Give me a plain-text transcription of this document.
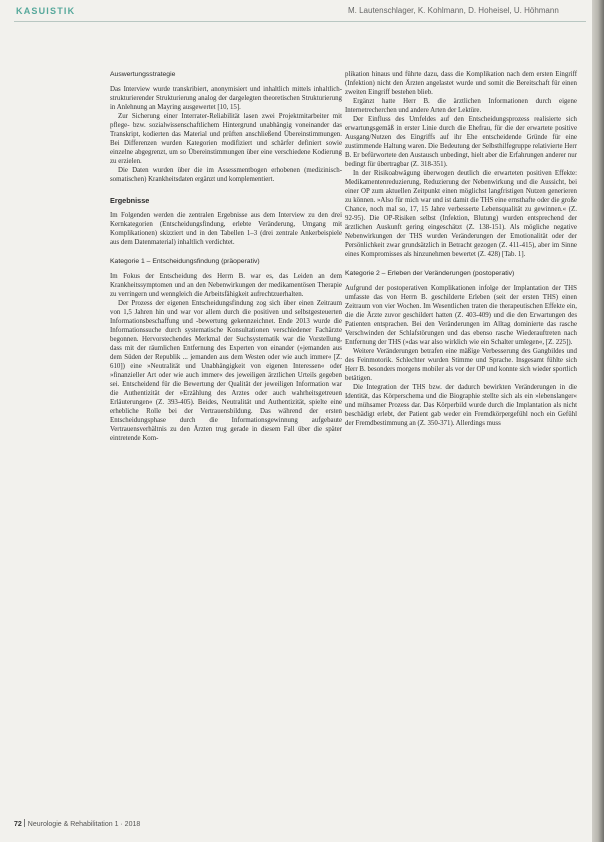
KASUISTIK	M. Lautenschlager, K. Kohlmann, D. Hoheisel, U. Höhmann
Auswertungsstrategie

Das Interview wurde transkribiert, anonymisiert und inhaltlich mittels inhaltlich-strukturierender Strukturierung analog der dargelegten theoretischen Strukturierung in Anlehnung an Mayring ausgewertet [10, 15].

Zur Sicherung einer Interrater-Reliabilität lasen zwei Projektmitarbeiter mit pflege- bzw. sozialwissenschaftlichem Hintergrund unabhängig voneinander das Transkript, kodierten das Material und prüften anschließend Übereinstimmungen. Bei Differenzen wurden Kategorien modifiziert und schärfer definiert sowie einzelne abgegrenzt, um so Übereinstimmungen über eine verschiedene Kodierung zu erzielen.

Die Daten wurden über die im Assessmentbogen erhobenen (medizinisch-somatischen) Krankheitsdaten ergänzt und komplementiert.

Ergebnisse

Im Folgenden werden die zentralen Ergebnisse aus dem Interview zu den drei Kernkategorien (Entscheidungsfindung, erlebte Veränderung, Umgang mit Komplikationen) skizziert und in den Tabellen 1–3 (drei zentrale Ankerbeispiele aus dem Datenmaterial) inhaltlich verdichtet.

Kategorie 1 – Entscheidungsfindung (präoperativ)

Im Fokus der Entscheidung des Herrn B. war es, das Leiden an dem Krankheitssymptomen und an den Nebenwirkungen der medikamentösen Therapie zu verringern und wenngleich die Arbeitsfähigkeit aufrechtzuerhalten.

Der Prozess der eigenen Entscheidungsfindung zog sich über einen Zeitraum von 1,5 Jahren hin und war vor allem durch die positiven und selbstgesteuerten Informationsbeschaffung und -bewertung gekennzeichnet. Ende 2013 wurde die Informationssuche durch systematische Konsultationen verschiedener Fachärzte begonnen. Hervorstechendes Merkmal der Suchsystematik war die Vorstellung, dass mit der räumlichen Entfernung des Experten von einander (»jemanden aus dem Süden der Republik ... jemanden aus dem Westen oder wie auch immer« [Z. 610]) eine »Neutralität und Unabhängigkeit von eigenen Interessen« oder »finanzieller Art oder wie auch immer« des jeweiligen ärztlichen Urteils gegeben sei. Entscheidend für die Bewertung der Qualität der jeweiligen Information war die Authentizität der »Erzählung des Arztes oder auch wahrheitsgetreuen Erläuterungen« (Z. 393-405). Beides, Neutralität und Authentizität, spielte eine erhebliche Rolle bei der Vertrauensbildung. Das während der ersten Entscheidungsphase durch die Informationsgewinnung aufgebaute Vertrauensverhältnis zu den Ärzten trug gerade in diesem Fall über die später eintretende Kom-

plikation hinaus und führte dazu, dass die Komplikation nach dem ersten Eingriff (Infektion) nicht den Ärzten angelastet wurde und somit die Bereitschaft für einen zweiten Eingriff bestehen blieb.

Ergänzt hatte Herr B. die ärztlichen Informationen durch eigene Internetrecherchen und andere Arten der Lektüre.

Der Einfluss des Umfeldes auf den Entscheidungsprozess realisierte sich erwartungsgemäß in erster Linie durch die Ehefrau, für die der erwartete positive Ausgang/Nutzen des Eingriffs auf ihr Ehe entscheidende Gründe für eine zustimmende Haltung waren. Die Bedeutung der Selbsthilfegruppe relativierte Herr B. Er befürwortete den Austausch unbedingt, hielt aber die Erfahrungen anderer nur bedingt für übertragbar (Z. 318-351).

In der Risikoabwägung überwogen deutlich die erwarteten positiven Effekte: Medikamentenreduzierung, Reduzierung der Nebenwirkung und die Aussicht, bei einer OP zum aktuellen Zeitpunkt einen möglichst langfristigen Nutzen generieren zu können. »Also für mich war und ist damit die THS eine ernsthafte oder die große Chance, noch mal so, 17, 15 Jahre verbesserte Lebensqualität zu gewinnen.« (Z. 92-95). Die OP-Risiken selbst (Infektion, Blutung) wurden entsprechend der ärztlichen Auskunft gering eingeschätzt (Z. 138-151). Als mögliche negative Nebenwirkungen der THS wurden Veränderungen der Emotionalität oder der Persönlichkeit zwar grundsätzlich in Betracht gezogen (Z. 411-415), aber im Sinne eines Kompromisses als hinzunehmen bewertet (Z. 428) [Tab. 1].

Kategorie 2 – Erleben der Veränderungen (postoperativ)

Aufgrund der postoperativen Komplikationen infolge der Implantation der THS umfasste das von Herrn B. geschilderte Erleben (seit der ersten THS) einen Zeitraum von vier Wochen. Im Wesentlichen traten die therapeutischen Effekte ein, die die Ärzte zuvor geschildert hatten (Z. 403-409) und die den Erwartungen des Patienten entsprachen. Bei den Veränderungen im Alltag dominierte das rasche Verschwinden der Schlafstörungen und das ebenso rasche Wiederauftreten nach Entfernung der THS (»das war also wirklich wie ein Schalter umlegen«, [Z. 225]).

Weitere Veränderungen betrafen eine mäßige Verbesserung des Gangbildes und des Feinmotorik. Schlechter wurden Stimme und Sprache. Insgesamt fühlte sich Herr B. besonders morgens mobiler als vor der OP und konnte sich wieder sportlich betätigen.

Die Integration der THS bzw. der dadurch bewirkten Veränderungen in die Identität, das Körperschema und die Biographie stellte sich als ein »lebenslanger« und mühsamer Prozess dar. Das Körperbild wurde durch die Implantation als nicht beschädigt erlebt, der Patient gab weder ein Fremdkörpergefühl noch ein Gefühl der Fremdbestimmung an (Z. 350-371). Allerdings muss

72 Neurologie & Rehabilitation 1 · 2018
